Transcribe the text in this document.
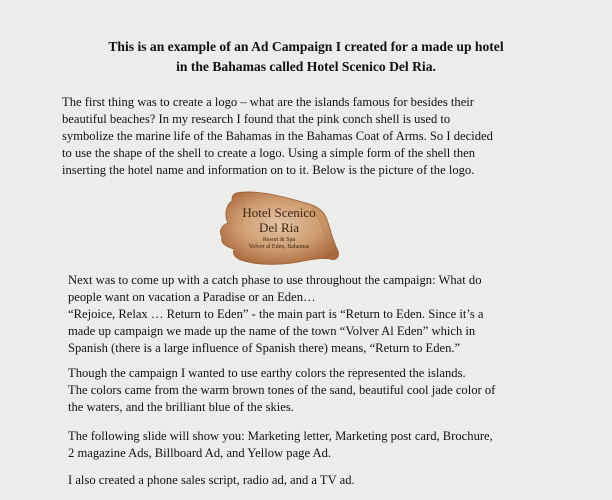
This is an example of an Ad Campaign I created for a made up hotel
in the Bahamas called Hotel Scenico Del Ria.
The first thing was to create a logo – what are the islands famous for besides their
beautiful beaches? In my research I found that the pink conch shell is used to
symbolize the marine life of the Bahamas in the Bahamas Coat of Arms. So I decided
to use the shape of the shell to create a logo. Using a simple form of the shell then
inserting the hotel name and information on to it. Below is the picture of the logo.
Hotel Scenico
Del Ria
Resort & Spa
Volver al Eden, Bahamas
Next was to come up with a catch phase to use throughout the campaign: What do
people want on vacation a Paradise or an Eden…
“Rejoice, Relax … Return to Eden” - the main part is “Return to Eden. Since it’s a
made up campaign we made up the name of the town “Volver Al Eden” which in
Spanish (there is a large influence of Spanish there) means, “Return to Eden.”
Though the campaign I wanted to use earthy colors the represented the islands.
The colors came from the warm brown tones of the sand, beautiful cool jade color of
the waters, and the brilliant blue of the skies.
The following slide will show you: Marketing letter, Marketing post card, Brochure,
2 magazine Ads, Billboard Ad, and Yellow page Ad.
I also created a phone sales script, radio ad, and a TV ad.
